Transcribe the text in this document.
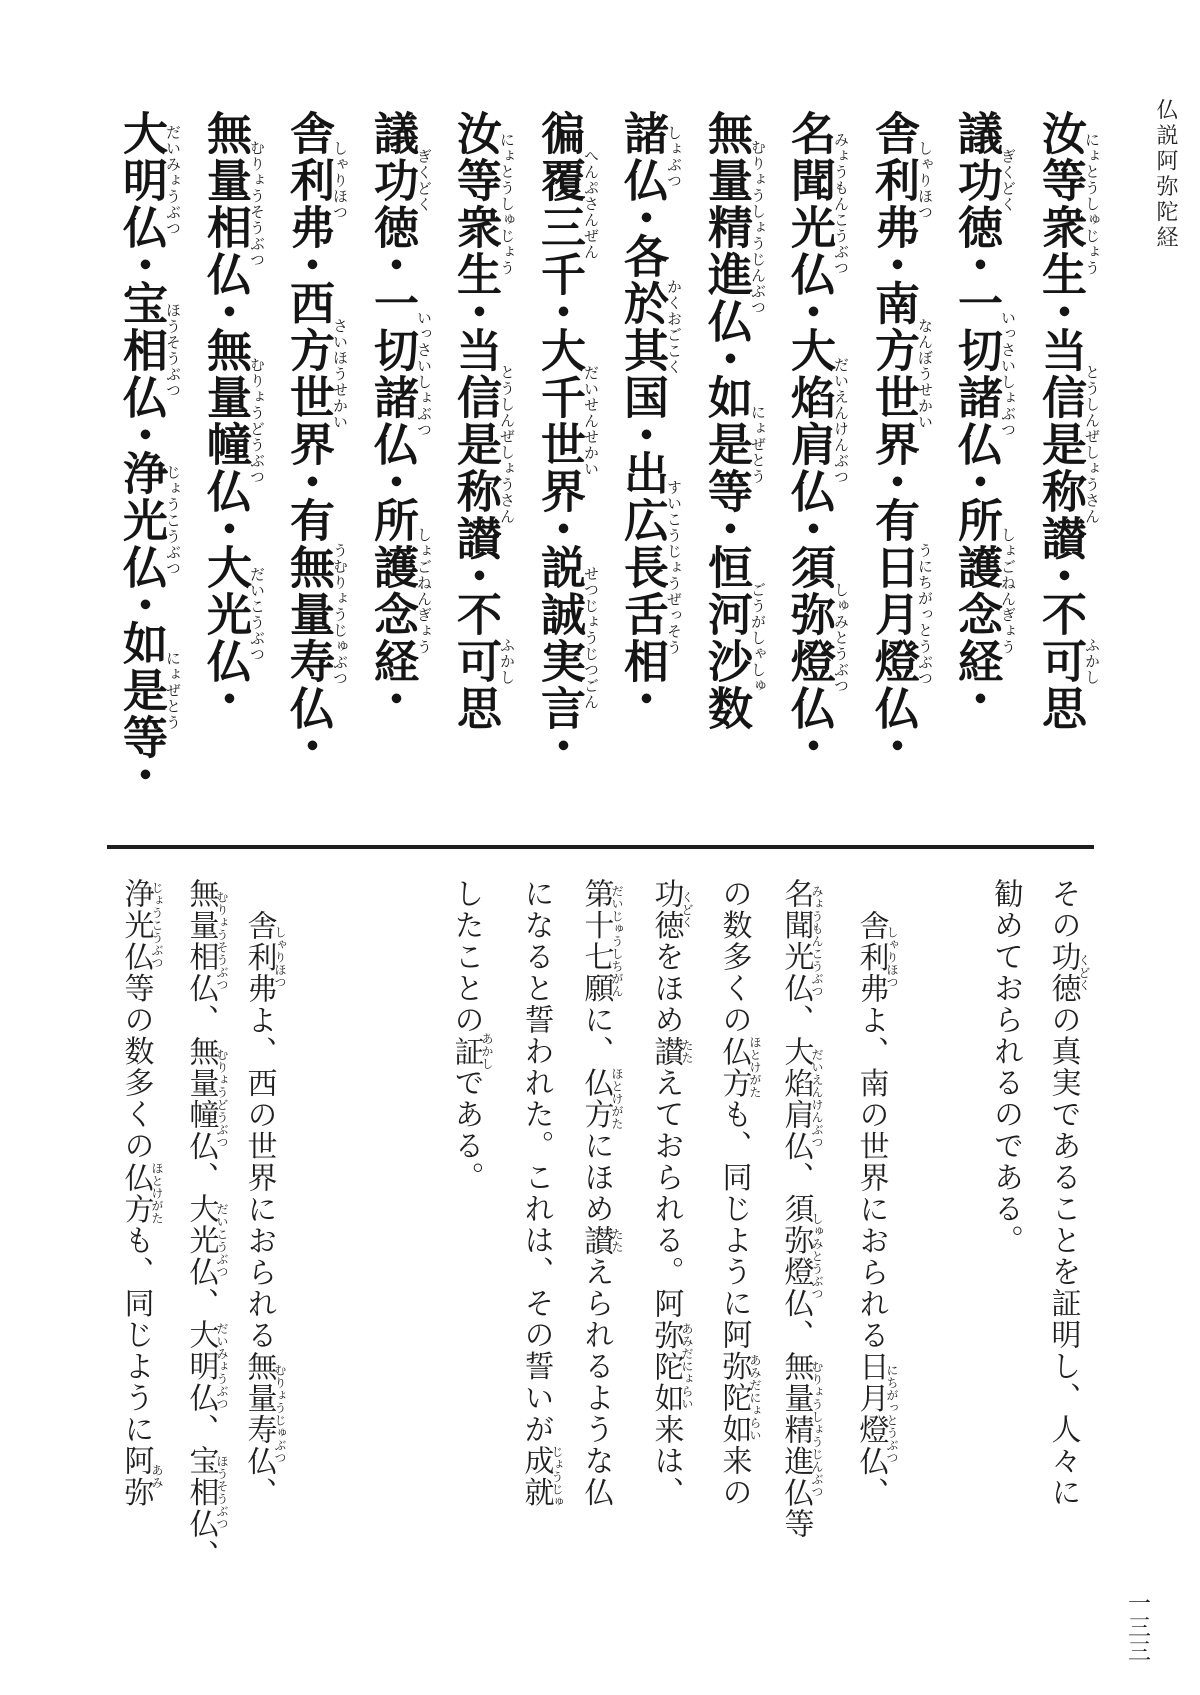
仏説阿弥陀経
汝等衆生にょとうしゅじょう・当信是称讃とうしんぜしょうさん・不可思ふかし
議功徳ぎくどく・一切諸仏いっさいしょぶつ・所護念経しょごねんぎょう・
舎利弗しゃりほつ・南方世界なんぼうせかい・有日月燈仏うにちがっとうぶつ・
名聞光仏みょうもんこうぶつ・大焰肩仏だいえんけんぶつ・須弥燈仏しゅみとうぶつ・
無量精進仏むりょうしょうじんぶつ・如是等にょぜとう・恒河沙数ごうがしゃしゅ
諸仏しょぶつ・各於其国かくおごこく・出広長舌相すいこうじょうぜっそう・
徧覆三千へんぷさんぜん・大千世界だいせんせかい・説誠実言せつじょうじつごん・
汝等衆生にょとうしゅじょう・当信是称讃とうしんぜしょうさん・不可思ふかし
議功徳ぎくどく・一切諸仏いっさいしょぶつ・所護念経しょごねんぎょう・
舎利弗しゃりほつ・西方世界さいほうせかい・有無量寿仏うむりょうじゅぶつ・
無量相仏むりょうそうぶつ・無量幢仏むりょうどうぶつ・大光仏だいこうぶつ・
大明仏だいみょうぶつ・宝相仏ほうそうぶつ・浄光仏じょうこうぶつ・如是等にょぜとう・
その功徳くどくの真実であることを証明し、人々に
勧めておられるのである。
舎利弗しゃりほつよ、南の世界におられる日月燈仏にちがっとうぶつ、
名聞光仏みょうもんこうぶつ、大焰肩仏だいえんけんぶつ、須弥燈仏しゅみとうぶつ、無量精進仏むりょうしょうじんぶつ等
の数多くの仏方ほとけがたも、同じように阿弥陀如来あみだにょらいの
功徳くどくをほめ讃たたえておられる。阿弥陀如来あみだにょらいは、
第十七願だいじゅうしちがんに、仏方ほとけがたにほめ讃たたえられるような仏
になると誓われた。これは、その誓いが成就じょうじゅ
したことの証あかしである。
舎利弗しゃりほつよ、西の世界におられる無量寿仏むりょうじゅぶつ、
無量相仏むりょうそうぶつ、無量幢仏むりょうどうぶつ、大光仏だいこうぶつ、大明仏だいみょうぶつ、宝相仏ほうそうぶつ、
浄光仏じょうこうぶつ等の数多くの仏方ほとけがたも、同じように阿弥あみ
一三三
